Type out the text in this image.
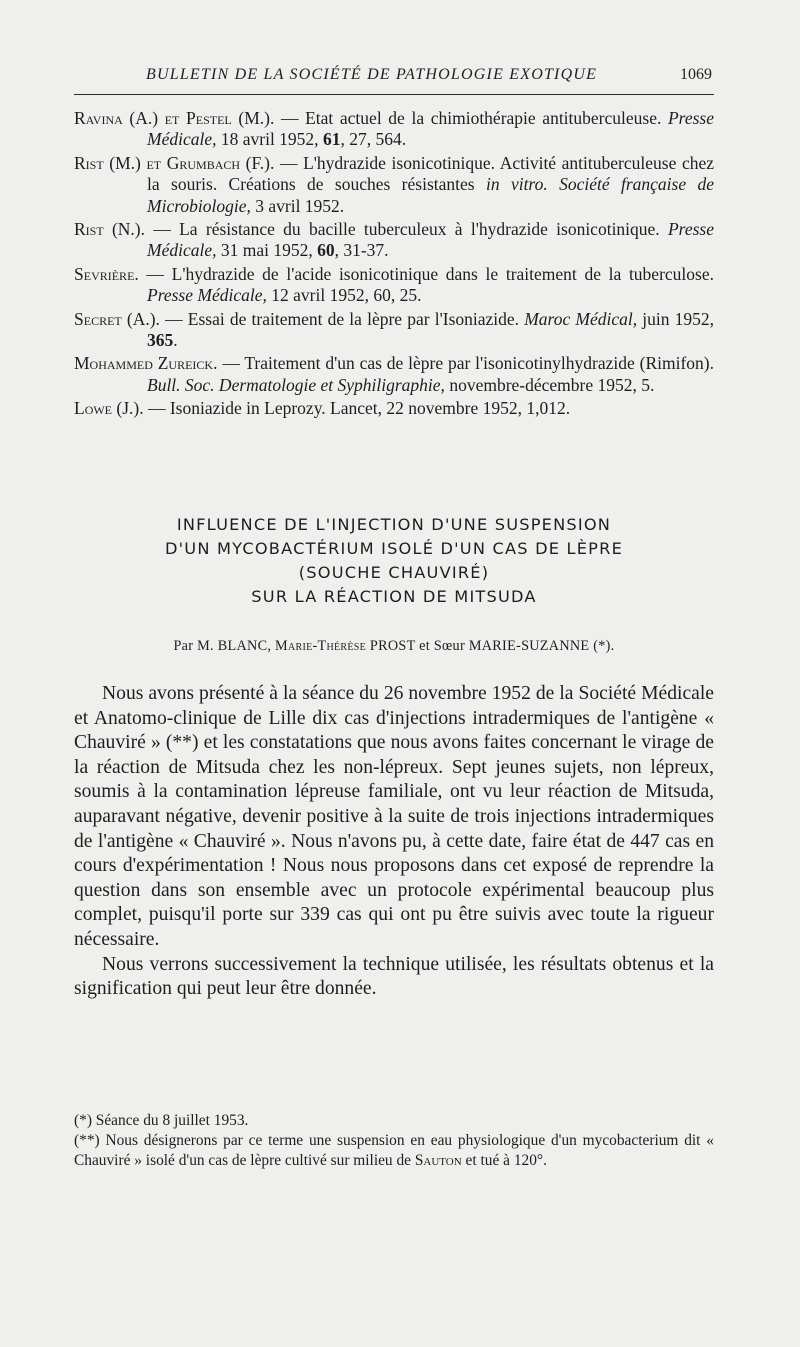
BULLETIN DE LA SOCIÉTÉ DE PATHOLOGIE EXOTIQUE	1069
Ravina (A.) et Pestel (M.). — Etat actuel de la chimiothérapie antituberculeuse. Presse Médicale, 18 avril 1952, 61, 27, 564.
Rist (M.) et Grumbach (F.). — L'hydrazide isonicotinique. Activité antituberculeuse chez la souris. Créations de souches résistantes in vitro. Société française de Microbiologie, 3 avril 1952.
Rist (N.). — La résistance du bacille tuberculeux à l'hydrazide isonicotinique. Presse Médicale, 31 mai 1952, 60, 31-37.
Sevrière. — L'hydrazide de l'acide isonicotinique dans le traitement de la tuberculose. Presse Médicale, 12 avril 1952, 60, 25.
Secret (A.). — Essai de traitement de la lèpre par l'Isoniazide. Maroc Médical, juin 1952, 365.
Mohammed Zureick. — Traitement d'un cas de lèpre par l'isonicotinylhydrazide (Rimifon). Bull. Soc. Dermatologie et Syphiligraphie, novembre-décembre 1952, 5.
Lowe (J.). — Isoniazide in Leprozy. Lancet, 22 novembre 1952, 1,012.
INFLUENCE DE L'INJECTION D'UNE SUSPENSION
D'UN MYCOBACTÉRIUM ISOLÉ D'UN CAS DE LÈPRE
(SOUCHE CHAUVIRÉ)
SUR LA RÉACTION DE MITSUDA
Par M. BLANC, Marie-Thérèse PROST et Sœur MARIE-SUZANNE (*).

Nous avons présenté à la séance du 26 novembre 1952 de la Société Médicale et Anatomo-clinique de Lille dix cas d'injections intradermiques de l'antigène « Chauviré » (**) et les constatations que nous avons faites concernant le virage de la réaction de Mitsuda chez les non-lépreux. Sept jeunes sujets, non lépreux, soumis à la contamination lépreuse familiale, ont vu leur réaction de Mitsuda, auparavant négative, devenir positive à la suite de trois injections intradermiques de l'antigène « Chauviré ». Nous n'avons pu, à cette date, faire état de 447 cas en cours d'expérimentation ! Nous nous proposons dans cet exposé de reprendre la question dans son ensemble avec un protocole expérimental beaucoup plus complet, puisqu'il porte sur 339 cas qui ont pu être suivis avec toute la rigueur nécessaire.

Nous verrons successivement la technique utilisée, les résultats obtenus et la signification qui peut leur être donnée.

(*) Séance du 8 juillet 1953.

(**) Nous désignerons par ce terme une suspension en eau physiologique d'un mycobacterium dit « Chauviré » isolé d'un cas de lèpre cultivé sur milieu de Sauton et tué à 120°.
